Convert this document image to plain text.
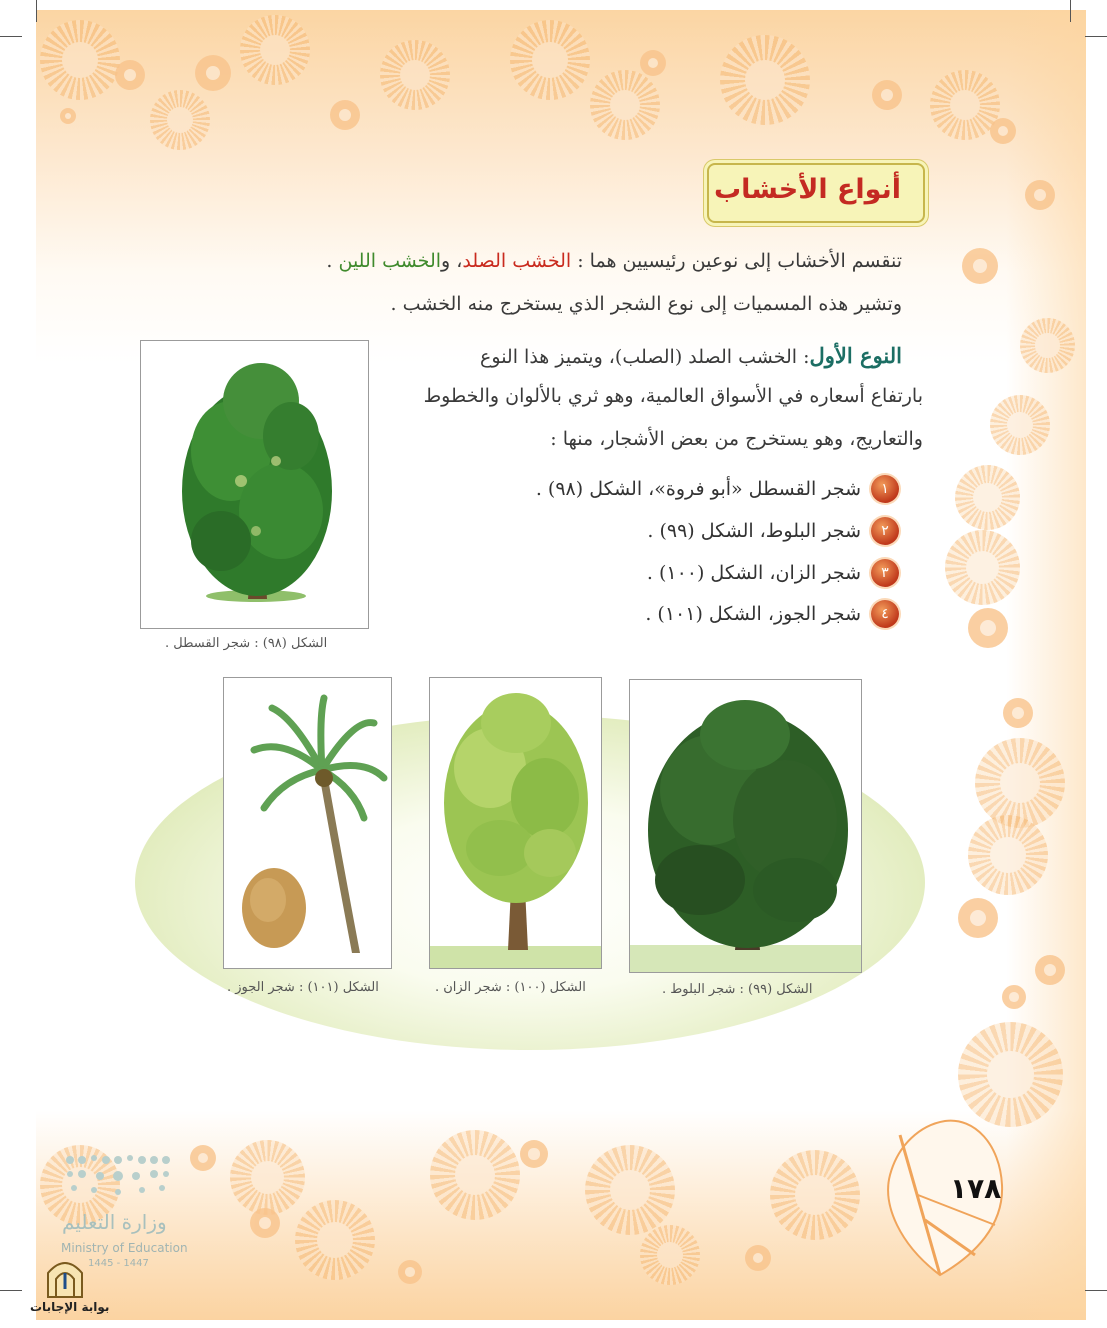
أنواع الأخشاب
تنقسم الأخشاب إلى نوعين رئيسيين هما : الخشب الصلد، والخشب اللين .
وتشير هذه المسميات إلى نوع الشجر الذي يستخرج منه الخشب .
النوع الأول: الخشب الصلد (الصلب)، ويتميز هذا النوع
بارتفاع أسعاره في الأسواق العالمية، وهو ثري بالألوان والخطوط
والتعاريج، وهو يستخرج من بعض الأشجار، منها :
١
شجر القسطل «أبو فروة»، الشكل (٩٨) .
٢
شجر البلوط، الشكل (٩٩) .
٣
شجر الزان، الشكل (١٠٠) .
٤
شجر الجوز، الشكل (١٠١) .
الشكل (٩٨) : شجر القسطل .
الشكل (١٠١) : شجر الجوز .	الشكل (١٠٠) : شجر الزان .	الشكل (٩٩) : شجر البلوط .
١٧٨
وزارة التعليم
Ministry of Education
1445 - 1447
بوابة الإجابات
